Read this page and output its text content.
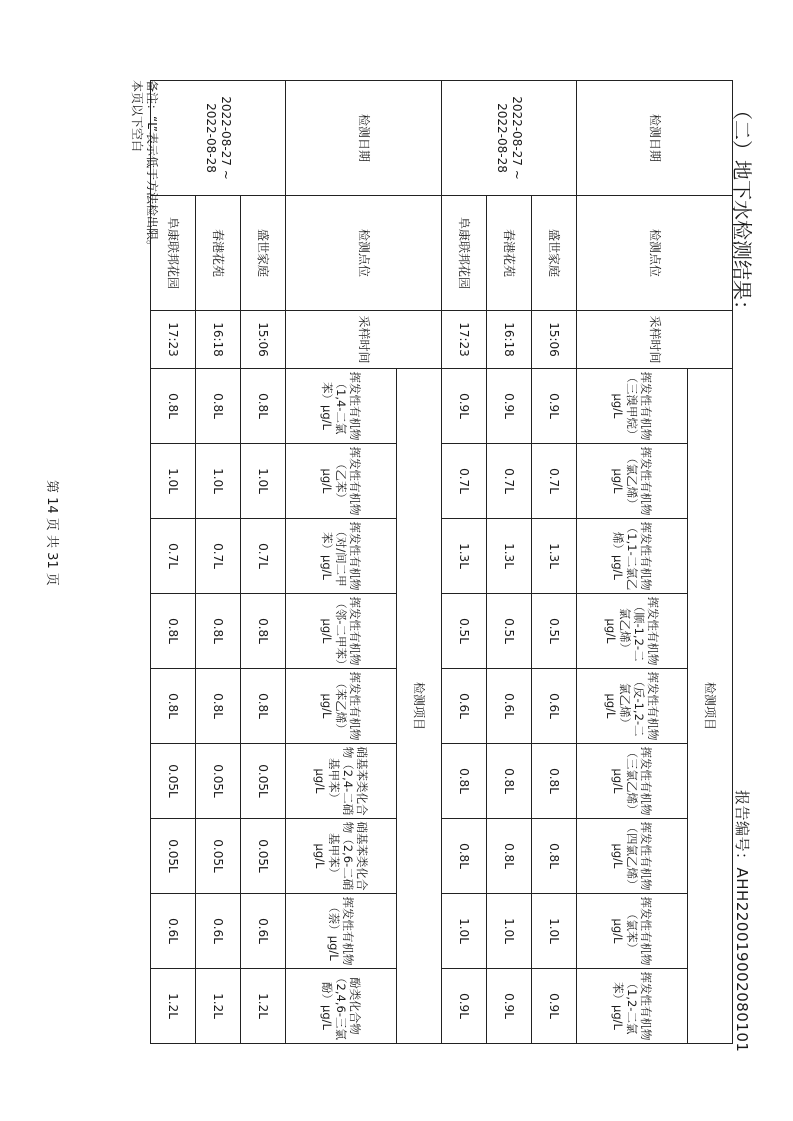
报告编号：AHH220019002080101
（二）地下水检测结果：
检测日期	检测点位	采样时间	检测项目								
			挥发性有机物（三溴甲烷）μg/L	挥发性有机物（氯乙烯）μg/L	挥发性有机物（1,1-二氯乙烯）μg/L	挥发性有机物（顺-1,2-二氯乙烯）μg/L	挥发性有机物（反-1,2-二氯乙烯）μg/L	挥发性有机物（三氯乙烯）μg/L	挥发性有机物（四氯乙烯）μg/L	挥发性有机物（氯苯）μg/L	挥发性有机物（1,2-二氯苯）μg/L
2022-08-27 ~ 2022-08-28	盛世家庭	15:06	0.9L	0.7L	1.3L	0.5L	0.6L	0.8L	0.8L	1.0L	0.9L
	春港花苑	16:18	0.9L	0.7L	1.3L	0.5L	0.6L	0.8L	0.8L	1.0L	0.9L
	阜康联邦花园	17:23	0.9L	0.7L	1.3L	0.5L	0.6L	0.8L	0.8L	1.0L	0.9L
检测日期	检测点位	采样时间	检测项目								
			挥发性有机物（1,4-二氯苯）μg/L	挥发性有机物（乙苯）μg/L	挥发性有机物（对/间二甲苯）μg/L	挥发性有机物（邻-二甲苯）μg/L	挥发性有机物（苯乙烯）μg/L	硝基苯类化合物（2,4-二硝基甲苯）μg/L	硝基苯类化合物（2,6-二硝基甲苯）μg/L	挥发性有机物（萘）μg/L	酚类化合物（2,4,6-三氯酚）μg/L
2022-08-27 ~ 2022-08-28	盛世家庭	15:06	0.8L	1.0L	0.7L	0.8L	0.8L	0.05L	0.05L	0.6L	1.2L
	春港花苑	16:18	0.8L	1.0L	0.7L	0.8L	0.8L	0.05L	0.05L	0.6L	1.2L
	阜康联邦花园	17:23	0.8L	1.0L	0.7L	0.8L	0.8L	0.05L	0.05L	0.6L	1.2L
备注：“L”表示低于方法检出限。
本页以下空白
第 14 页 共 31 页
